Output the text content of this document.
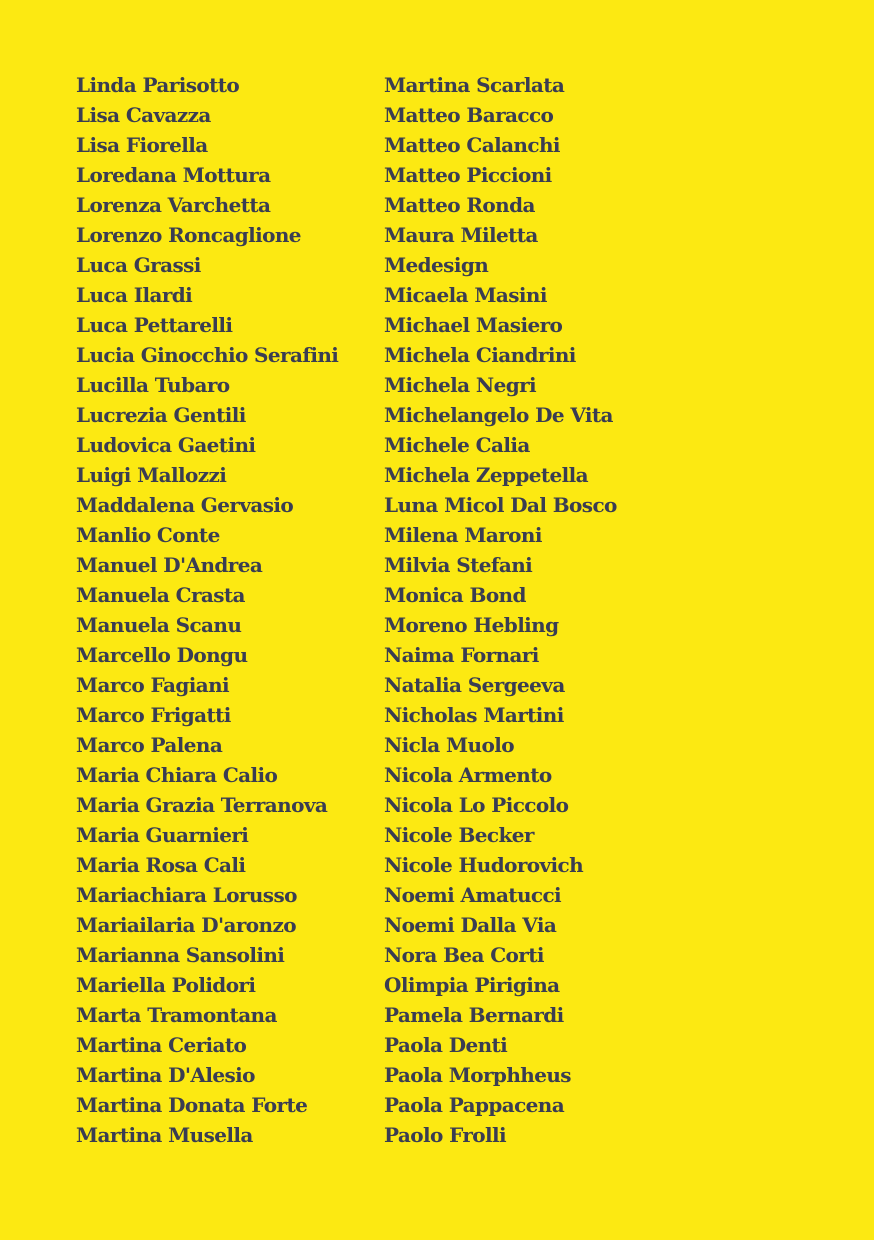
Linda Parisotto
Lisa Cavazza
Lisa Fiorella
Loredana Mottura
Lorenza Varchetta
Lorenzo Roncaglione
Luca Grassi
Luca Ilardi
Luca Pettarelli
Lucia Ginocchio Serafini
Lucilla Tubaro
Lucrezia Gentili
Ludovica Gaetini
Luigi Mallozzi
Maddalena Gervasio
Manlio Conte
Manuel D'Andrea
Manuela Crasta
Manuela Scanu
Marcello Dongu
Marco Fagiani
Marco Frigatti
Marco Palena
Maria Chiara Calio
Maria Grazia Terranova
Maria Guarnieri
Maria Rosa Cali
Mariachiara Lorusso
Mariailaria D'aronzo
Marianna Sansolini
Mariella Polidori
Marta Tramontana
Martina Ceriato
Martina D'Alesio
Martina Donata Forte
Martina Musella
Martina Scarlata
Matteo Baracco
Matteo Calanchi
Matteo Piccioni
Matteo Ronda
Maura Miletta
Medesign
Micaela Masini
Michael Masiero
Michela Ciandrini
Michela Negri
Michelangelo De Vita
Michele Calia
Michela Zeppetella
Luna Micol Dal Bosco
Milena Maroni
Milvia Stefani
Monica Bond
Moreno Hebling
Naima Fornari
Natalia Sergeeva
Nicholas Martini
Nicla Muolo
Nicola Armento
Nicola Lo Piccolo
Nicole Becker
Nicole Hudorovich
Noemi Amatucci
Noemi Dalla Via
Nora Bea Corti
Olimpia Pirigina
Pamela Bernardi
Paola Denti
Paola Morphheus
Paola Pappacena
Paolo Frolli
